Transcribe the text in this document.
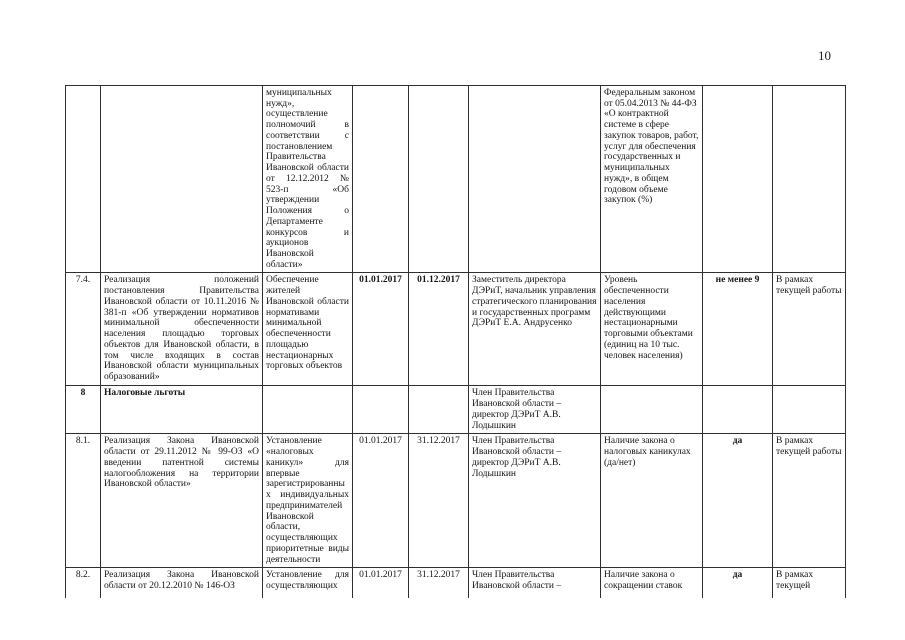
10
		муниципальных нужд», осуществление полномочий в соответствии с постановлением Правительства Ивановской области от 12.12.2012 № 523-п «Об утверждении Положения о Департаменте конкурсов и аукционов Ивановской области»				Федеральным законом от 05.04.2013 № 44-ФЗ «О контрактной системе в сфере закупок товаров, работ, услуг для обеспечения государственных и муниципальных нужд», в общем годовом объеме закупок (%)		
7.4.	Реализация положений постановления Правительства Ивановской области от 10.11.2016 № 381-п «Об утверждении нормативов минимальной обеспеченности населения площадью торговых объектов для Ивановской области, в том числе входящих в состав Ивановской области муниципальных образований»	Обеспечение жителей Ивановской области нормативами минимальной обеспеченности площадью нестационарных торговых объектов	01.01.2017	01.12.2017	Заместитель директора ДЭРиТ, начальник управления стратегического планирования и государственных программ ДЭРиТ Е.А. Андрусенко	Уровень обеспеченности населения действующими нестационарными торговыми объектами (единиц на 10 тыс. человек населения)	не менее 9	В рамках текущей работы
8	Налоговые льготы				Член Правительства Ивановской области – директор ДЭРиТ А.В. Лодышкин			
8.1.	Реализация Закона Ивановской области от 29.11.2012 № 99-ОЗ «О введении патентной системы налогообложения на территории Ивановской области»	Установление «налоговых каникул» для впервые зарегистрированных индивидуальных предпринимателей Ивановской области, осуществляющих приоритетные виды деятельности	01.01.2017	31.12.2017	Член Правительства Ивановской области – директор ДЭРиТ А.В. Лодышкин	Наличие закона о налоговых каникулах (да/нет)	да	В рамках текущей работы
8.2.	Реализация Закона Ивановской области от 20.12.2010 № 146-ОЗ	Установление для осуществляющих	01.01.2017	31.12.2017	Член Правительства Ивановской области –	Наличие закона о сокращении ставок	да	В рамках текущей
